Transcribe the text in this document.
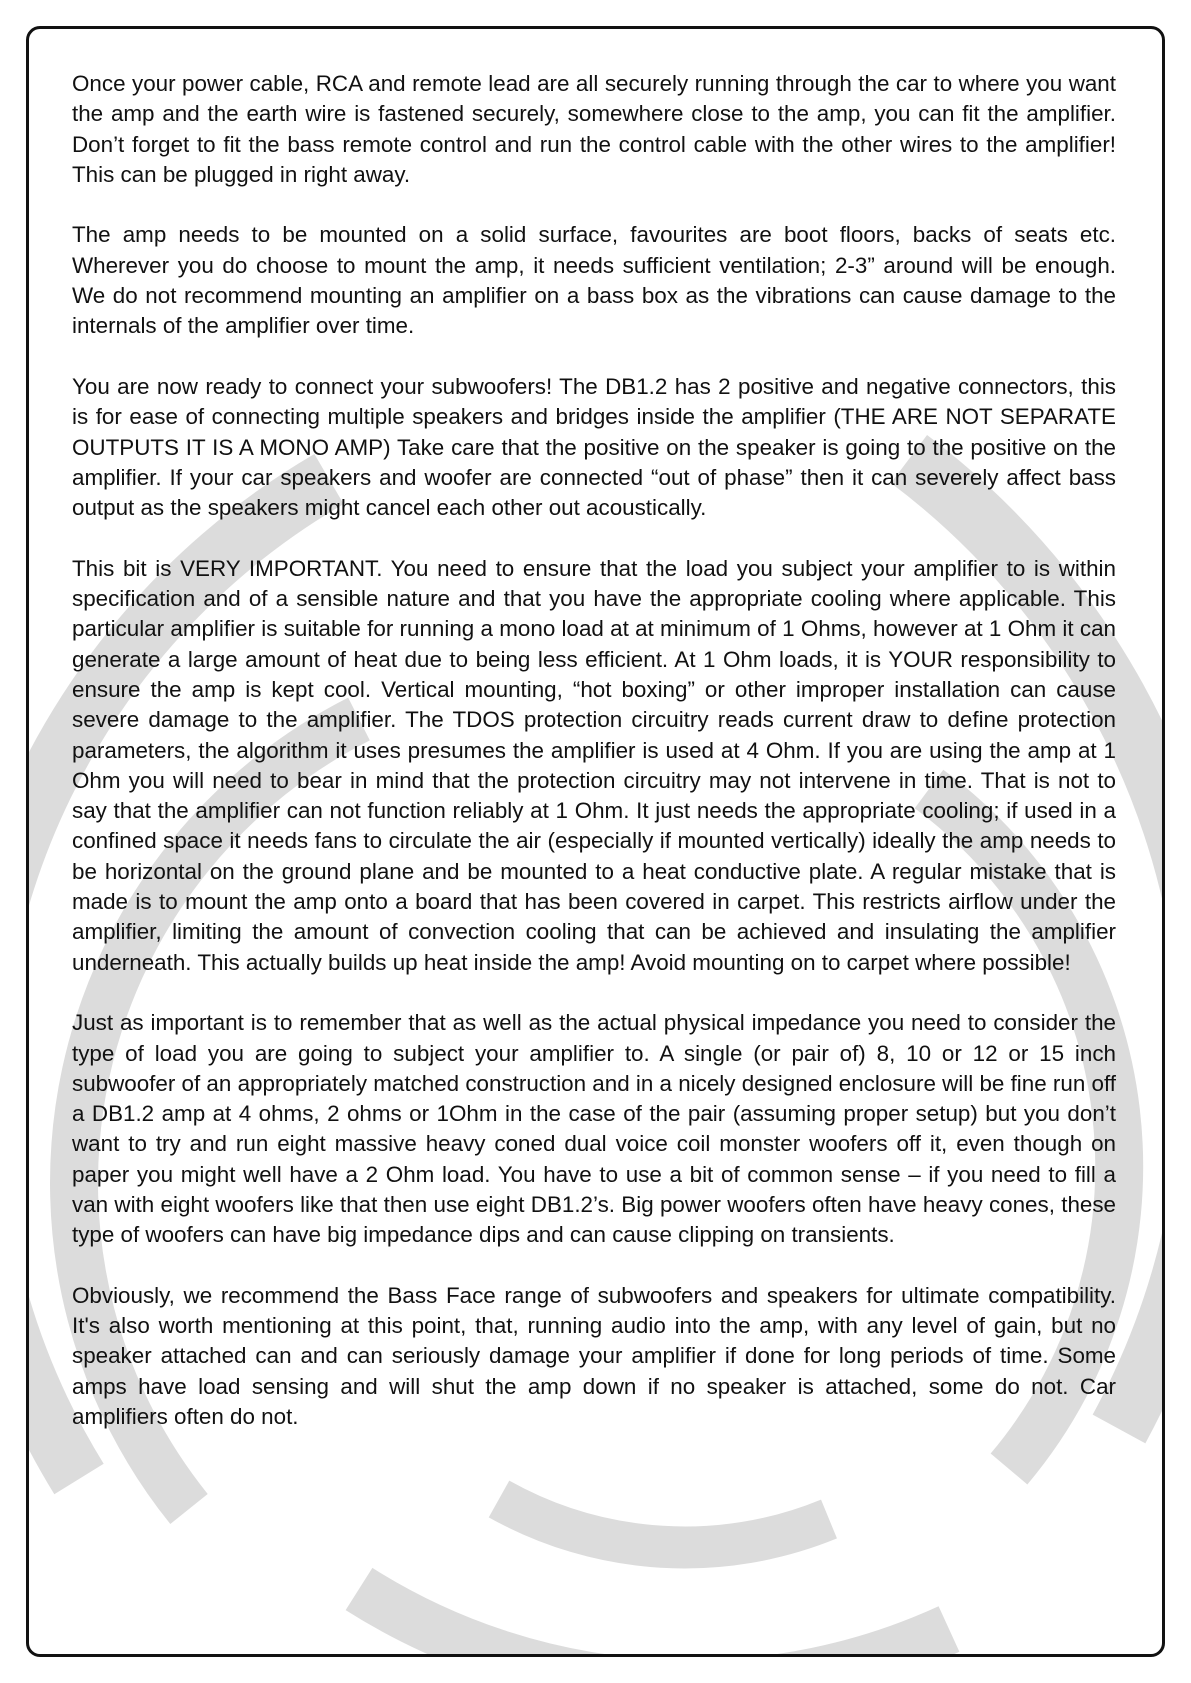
Once your power cable, RCA and remote lead are all securely running through the car to where you want the amp and the earth wire is fastened securely, somewhere close to the amp, you can fit the amplifier. Don’t forget to fit the bass remote control and run the control cable with the other wires to the amplifier! This can be plugged in right away.

The amp needs to be mounted on a solid surface, favourites are boot floors, backs of seats etc. Wherever you do choose to mount the amp, it needs sufficient ventilation; 2-3” around will be enough. We do not recommend mounting an amplifier on a bass box as the vibrations can cause damage to the internals of the amplifier over time.

You are now ready to connect your subwoofers! The DB1.2 has 2 positive and negative connectors, this is for ease of connecting multiple speakers and bridges inside the amplifier (THE ARE NOT SEPARATE OUTPUTS IT IS A MONO AMP) Take care that the positive on the speaker is going to the positive on the amplifier. If your car speakers and woofer are connected “out of phase” then it can severely affect bass output as the speakers might cancel each other out acoustically.

This bit is VERY IMPORTANT. You need to ensure that the load you subject your amplifier to is within specification and of a sensible nature and that you have the appropriate cooling where applicable. This particular amplifier is suitable for running a mono load at at minimum of 1 Ohms, however at 1 Ohm it can generate a large amount of heat due to being less efficient. At 1 Ohm loads, it is YOUR responsibility to ensure the amp is kept cool. Vertical mounting, “hot boxing” or other improper installation can cause severe damage to the amplifier. The TDOS protection circuitry reads current draw to define protection parameters, the algorithm it uses presumes the amplifier is used at 4 Ohm. If you are using the amp at 1 Ohm you will need to bear in mind that the protection circuitry may not intervene in time. That is not to say that the amplifier can not function reliably at 1 Ohm. It just needs the appropriate cooling; if used in a confined space it needs fans to circulate the air (especially if mounted vertically) ideally the amp needs to be horizontal on the ground plane and be mounted to a heat conductive plate. A regular mistake that is made is to mount the amp onto a board that has been covered in carpet. This restricts airflow under the amplifier, limiting the amount of convection cooling that can be achieved and insulating the amplifier underneath. This actually builds up heat inside the amp! Avoid mounting on to carpet where possible!

Just as important is to remember that as well as the actual physical impedance you need to consider the type of load you are going to subject your amplifier to. A single (or pair of) 8, 10 or 12 or 15 inch subwoofer of an appropriately matched construction and in a nicely designed enclosure will be fine run off a DB1.2 amp at 4 ohms, 2 ohms or 1Ohm in the case of the pair (assuming proper setup) but you don’t want to try and run eight massive heavy coned dual voice coil monster woofers off it, even though on paper you might well have a 2 Ohm load. You have to use a bit of common sense – if you need to fill a van with eight woofers like that then use eight DB1.2’s. Big power woofers often have heavy cones, these type of woofers can have big impedance dips and can cause clipping on transients.

Obviously, we recommend the Bass Face range of subwoofers and speakers for ultimate compatibility. It's also worth mentioning at this point, that, running audio into the amp, with any level of gain, but no speaker attached can and can seriously damage your amplifier if done for long periods of time. Some amps have load sensing and will shut the amp down if no speaker is attached, some do not. Car amplifiers often do not.
